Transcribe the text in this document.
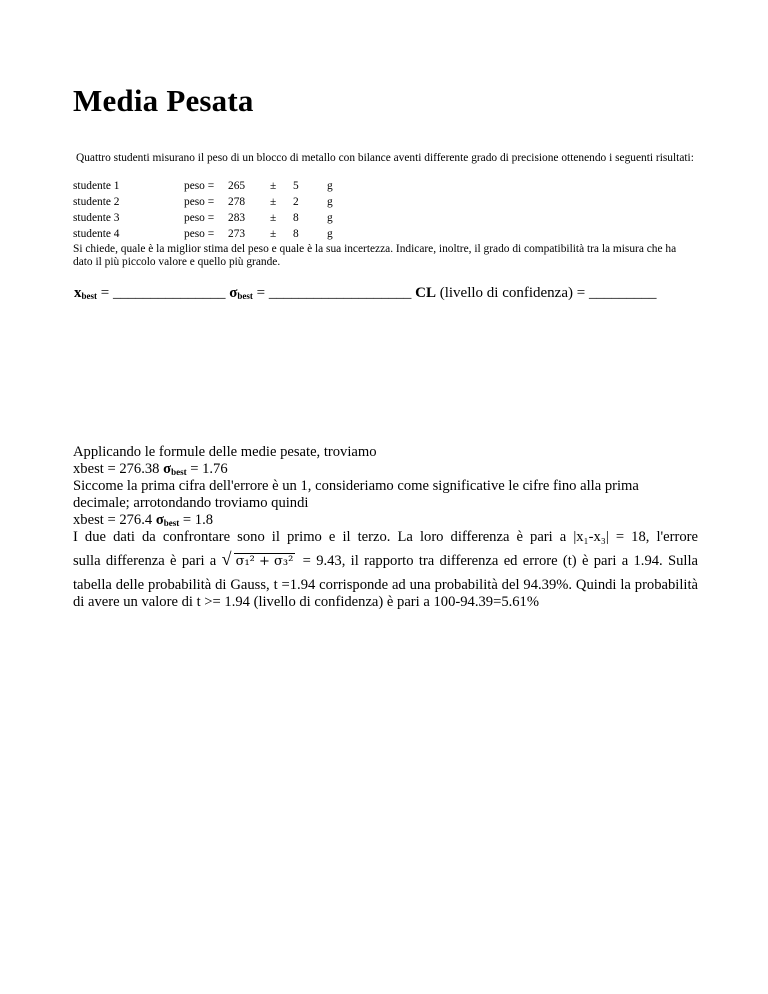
Media Pesata
Quattro studenti misurano il peso di un blocco di metallo con bilance aventi differente grado di precisione ottenendo i seguenti risultati:
studente 1	peso = 265 ± 5 g
studente 2	peso = 278 ± 2 g
studente 3	peso = 283 ± 8 g
studente 4	peso = 273 ± 8 g
Si chiede, quale è la miglior stima del peso e quale è la sua incertezza. Indicare, inoltre, il grado di compatibilità tra la misura che ha dato il più piccolo valore e quello più grande.
$x_{best}$ = _______________ $\sigma_{best}$ = ___________________ CL (livello di confidenza) = _________
Applicando le formule delle medie pesate, troviamo
xbest = 276.38 $\sigma_{best} = 1.76$
Siccome la prima cifra dell'errore è un 1, consideriamo come significative le cifre fino alla prima decimale; arrotondando troviamo quindi
xbest = 276.4 $\sigma_{best} = 1.8$
I due dati da confrontare sono il primo e il terzo. La loro differenza è pari a |x₁-x₃| = 18, l'errore
sulla differenza è pari a √ σ₁² + σ₃² = 9.43, il rapporto tra differenza ed errore (t) è pari a 1.94. Sulla
tabella delle probabilità di Gauss, t =1.94 corrisponde ad una probabilità del 94.39%. Quindi la probabilità di avere un valore di t >= 1.94 (livello di confidenza) è pari a 100-94.39=5.61%
